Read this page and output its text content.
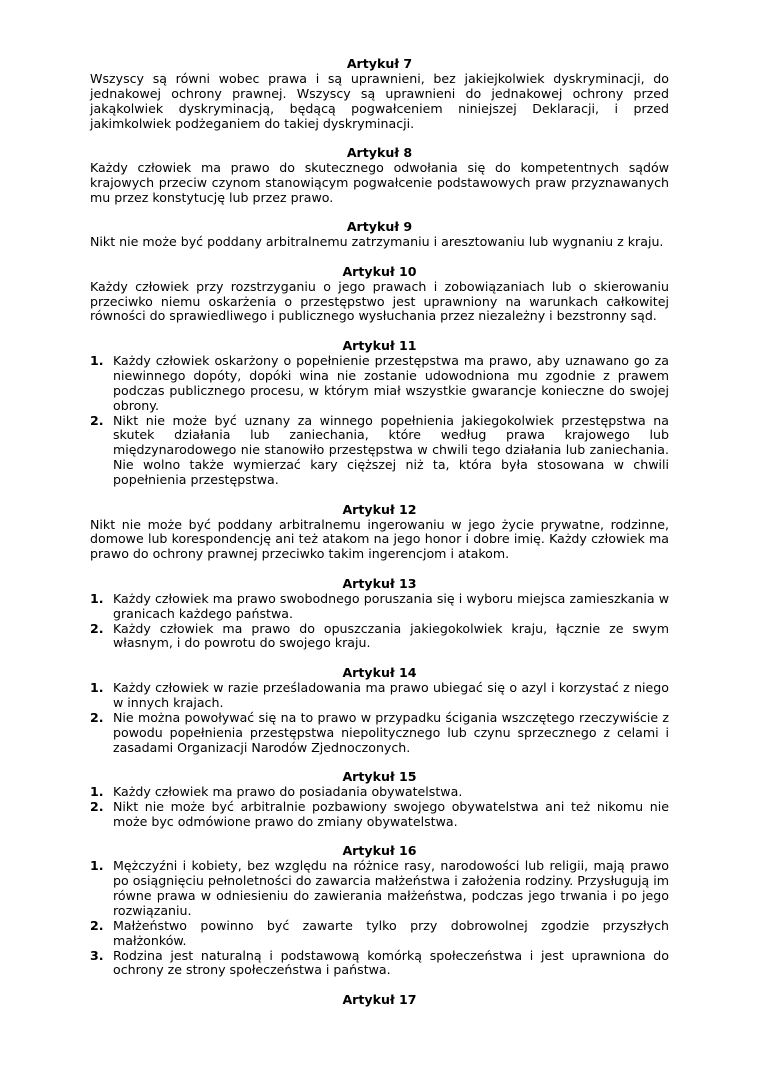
Artykuł 7
Wszyscy są równi wobec prawa i są uprawnieni, bez jakiejkolwiek dyskryminacji, do jednakowej ochrony prawnej. Wszyscy są uprawnieni do jednakowej ochrony przed jakąkolwiek dyskryminacją, będącą pogwałceniem niniejszej Deklaracji, i przed jakimkolwiek podżeganiem do takiej dyskryminacji.
Artykuł 8
Każdy człowiek ma prawo do skutecznego odwołania się do kompetentnych sądów krajowych przeciw czynom stanowiącym pogwałcenie podstawowych praw przyznawanych mu przez konstytucję lub przez prawo.
Artykuł 9
Nikt nie może być poddany arbitralnemu zatrzymaniu i aresztowaniu lub wygnaniu z kraju.
Artykuł 10
Każdy człowiek przy rozstrzyganiu o jego prawach i zobowiązaniach lub o skierowaniu przeciwko niemu oskarżenia o przestępstwo jest uprawniony na warunkach całkowitej równości do sprawiedliwego i publicznego wysłuchania przez niezależny i bezstronny sąd.
Artykuł 11
1. Każdy człowiek oskarżony o popełnienie przestępstwa ma prawo, aby uznawano go za niewinnego dopóty, dopóki wina nie zostanie udowodniona mu zgodnie z prawem podczas publicznego procesu, w którym miał wszystkie gwarancje konieczne do swojej obrony.
2. Nikt nie może być uznany za winnego popełnienia jakiegokolwiek przestępstwa na skutek działania lub zaniechania, które według prawa krajowego lub międzynarodowego nie stanowiło przestępstwa w chwili tego działania lub zaniechania. Nie wolno także wymierzać kary cięższej niż ta, która była stosowana w chwili popełnienia przestępstwa.
Artykuł 12
Nikt nie może być poddany arbitralnemu ingerowaniu w jego życie prywatne, rodzinne, domowe lub korespondencję ani też atakom na jego honor i dobre imię. Każdy człowiek ma prawo do ochrony prawnej przeciwko takim ingerencjom i atakom.
Artykuł 13
1. Każdy człowiek ma prawo swobodnego poruszania się i wyboru miejsca zamieszkania w granicach każdego państwa.
2. Każdy człowiek ma prawo do opuszczania jakiegokolwiek kraju, łącznie ze swym własnym, i do powrotu do swojego kraju.
Artykuł 14
1. Każdy człowiek w razie prześladowania ma prawo ubiegać się o azyl i korzystać z niego w innych krajach.
2. Nie można powoływać się na to prawo w przypadku ścigania wszczętego rzeczywiście z powodu popełnienia przestępstwa niepolitycznego lub czynu sprzecznego z celami i zasadami Organizacji Narodów Zjednoczonych.
Artykuł 15
1. Każdy człowiek ma prawo do posiadania obywatelstwa.
2. Nikt nie może być arbitralnie pozbawiony swojego obywatelstwa ani też nikomu nie może byc odmówione prawo do zmiany obywatelstwa.
Artykuł 16
1. Mężczyźni i kobiety, bez względu na różnice rasy, narodowości lub religii, mają prawo po osiągnięciu pełnoletności do zawarcia małżeństwa i założenia rodziny. Przysługują im równe prawa w odniesieniu do zawierania małżeństwa, podczas jego trwania i po jego rozwiązaniu.
2. Małżeństwo powinno być zawarte tylko przy dobrowolnej zgodzie przyszłych małżonków.
3. Rodzina jest naturalną i podstawową komórką społeczeństwa i jest uprawniona do ochrony ze strony społeczeństwa i państwa.
Artykuł 17
